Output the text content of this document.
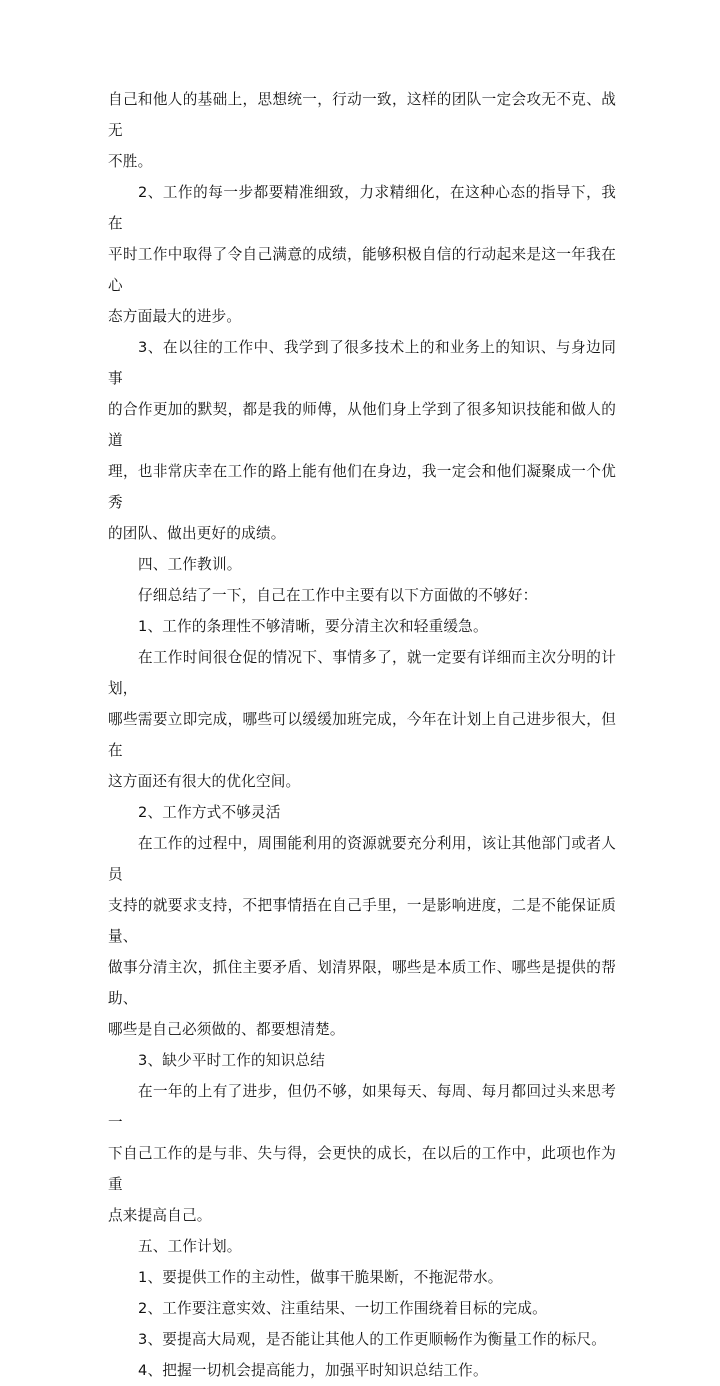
自己和他人的基础上，思想统一，行动一致，这样的团队一定会攻无不克、战无
不胜。

2、工作的每一步都要精准细致，力求精细化，在这种心态的指导下，我在
平时工作中取得了令自己满意的成绩，能够积极自信的行动起来是这一年我在心
态方面最大的进步。

3、在以往的工作中、我学到了很多技术上的和业务上的知识、与身边同事
的合作更加的默契，都是我的师傅，从他们身上学到了很多知识技能和做人的道
理，也非常庆幸在工作的路上能有他们在身边，我一定会和他们凝聚成一个优秀
的团队、做出更好的成绩。

四、工作教训。

仔细总结了一下，自己在工作中主要有以下方面做的不够好：

1、工作的条理性不够清晰，要分清主次和轻重缓急。

在工作时间很仓促的情况下、事情多了，就一定要有详细而主次分明的计划，
哪些需要立即完成，哪些可以缓缓加班完成，今年在计划上自己进步很大，但在
这方面还有很大的优化空间。

2、工作方式不够灵活

在工作的过程中，周围能利用的资源就要充分利用，该让其他部门或者人员
支持的就要求支持，不把事情捂在自己手里，一是影响进度，二是不能保证质量、
做事分清主次，抓住主要矛盾、划清界限，哪些是本质工作、哪些是提供的帮助、
哪些是自己必须做的、都要想清楚。

3、缺少平时工作的知识总结

在一年的上有了进步，但仍不够，如果每天、每周、每月都回过头来思考一
下自己工作的是与非、失与得，会更快的成长，在以后的工作中，此项也作为重
点来提高自己。

五、工作计划。

1、要提供工作的主动性，做事干脆果断，不拖泥带水。

2、工作要注意实效、注重结果、一切工作围绕着目标的完成。

3、要提高大局观，是否能让其他人的工作更顺畅作为衡量工作的标尺。

4、把握一切机会提高能力，加强平时知识总结工作。
